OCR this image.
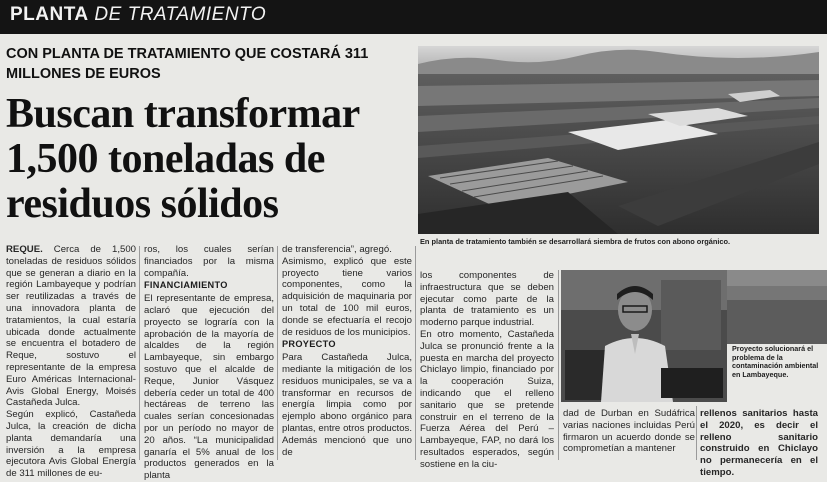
PLANTA DE TRATAMIENTO
CON PLANTA DE TRATAMIENTO QUE COSTARÁ 311 MILLONES DE EUROS
Buscan transformar 1,500 toneladas de residuos sólidos
En planta de tratamiento también se desarrollará siembra de frutos con abono orgánico.

REQUE. Cerca de 1,500 toneladas de residuos sólidos que se generan a diario en la región Lambayeque y podrían ser reutilizadas a través de una innovadora planta de tratamientos, la cual estaría ubicada donde actualmente se encuentra el botadero de Reque, sostuvo el representante de la empresa Euro Américas Internacional- Avis Global Energy, Moisés Castañeda Julca.

Según explicó, Castañeda Julca, la creación de dicha planta demandaría una inversión a la empresa ejecutora Avis Global Energía de 311 millones de eu-

ros, los cuales serían financiados por la misma compañía.

FINANCIAMIENTO

El representante de empresa, aclaró que ejecución del proyecto se lograría con la aprobación de la mayoría de alcaldes de la región Lambayeque, sin embargo sostuvo que el alcalde de Reque, Junior Vásquez debería ceder un total de 400 hectáreas de terreno las cuales serían concesionadas por un período no mayor de 20 años. “La municipalidad ganaría el 5% anual de los productos generados en la planta

de transferencia”, agregó.

Asimismo, explicó que este proyecto tiene varios componentes, como la adquisición de maquinaria por un total de 100 mil euros, donde se efectuaría el recojo de residuos de los municipios.

PROYECTO

Para Castañeda Julca, mediante la mitigación de los residuos municipales, se va a transformar en recursos de energía limpia como por ejemplo abono orgánico para plantas, entre otros productos. Además mencionó que uno de

los componentes de infraestructura que se deben ejecutar como parte de la planta de tratamiento es un moderno parque industrial.

En otro momento, Castañeda Julca se pronunció frente a la puesta en marcha del proyecto Chiclayo limpio, financiado por la cooperación Suiza, indicando que el relleno sanitario que se pretende construir en el terreno de la Fuerza Aérea del Perú – Lambayeque, FAP, no dará los resultados esperados, según sostiene en la ciu-

Proyecto solucionará el problema de la contaminación ambiental en Lambayeque.

dad de Durban en Sudáfrica varias naciones incluidas Perú firmaron un acuerdo donde se comprometían a mantener

rellenos sanitarios hasta el 2020, es decir el relleno sanitario construido en Chiclayo no permanecería en el tiempo.
